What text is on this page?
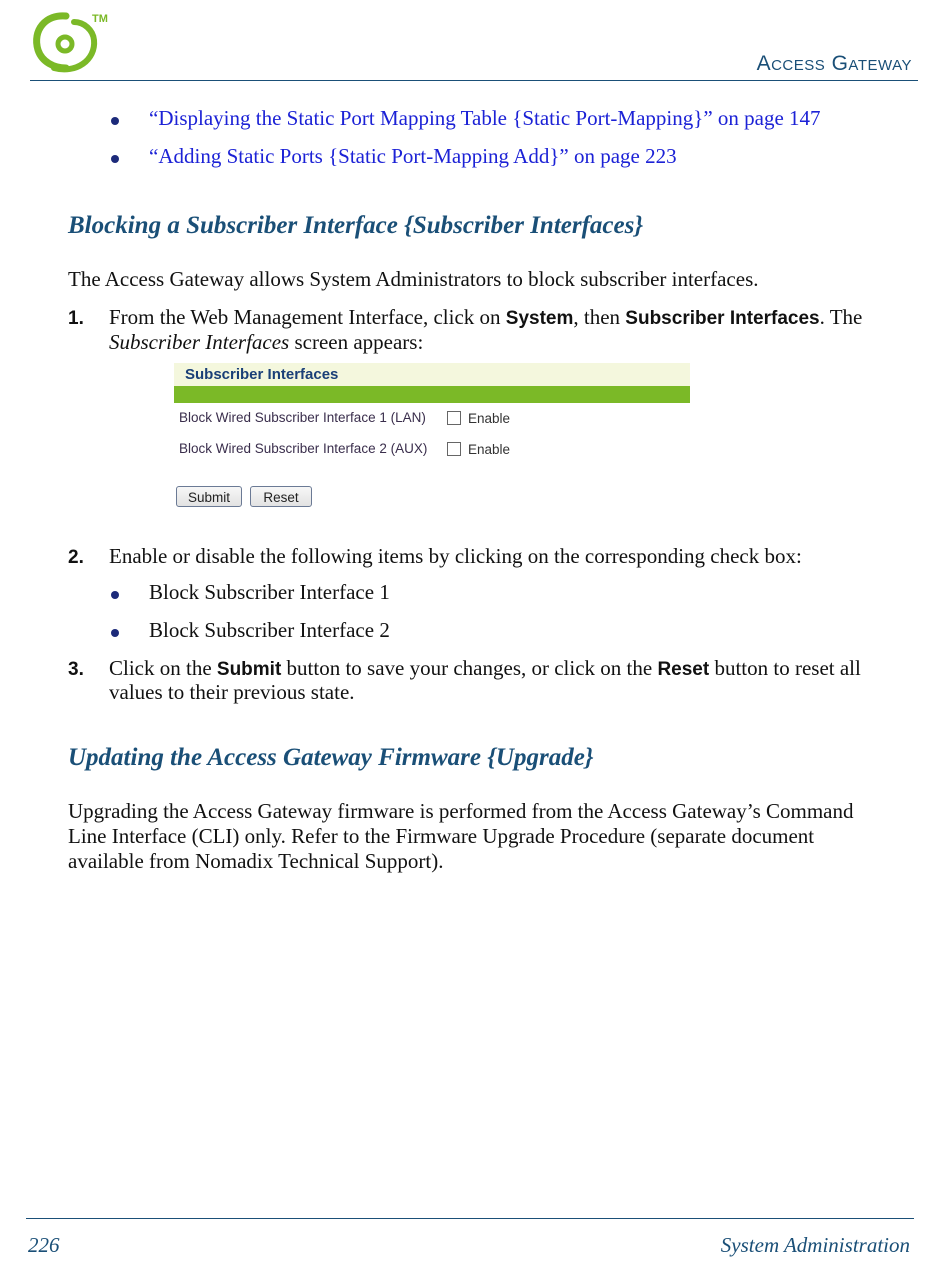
TM
Access Gateway
“Displaying the Static Port Mapping Table {Static Port-Mapping}” on page 147
“Adding Static Ports {Static Port-Mapping Add}” on page 223
Blocking a Subscriber Interface {Subscriber Interfaces}
The Access Gateway allows System Administrators to block subscriber interfaces.
1. From the Web Management Interface, click on System, then Subscriber Interfaces. The
Subscriber Interfaces screen appears:
Subscriber Interfaces
Block Wired Subscriber Interface 1 (LAN)	Enable
Block Wired Subscriber Interface 2 (AUX)	Enable
Submit	Reset
2. Enable or disable the following items by clicking on the corresponding check box:
Block Subscriber Interface 1
Block Subscriber Interface 2
3. Click on the Submit button to save your changes, or click on the Reset button to reset all
values to their previous state.
Updating the Access Gateway Firmware {Upgrade}
Upgrading the Access Gateway firmware is performed from the Access Gateway’s Command
Line Interface (CLI) only. Refer to the Firmware Upgrade Procedure (separate document
available from Nomadix Technical Support).
226	System Administration
